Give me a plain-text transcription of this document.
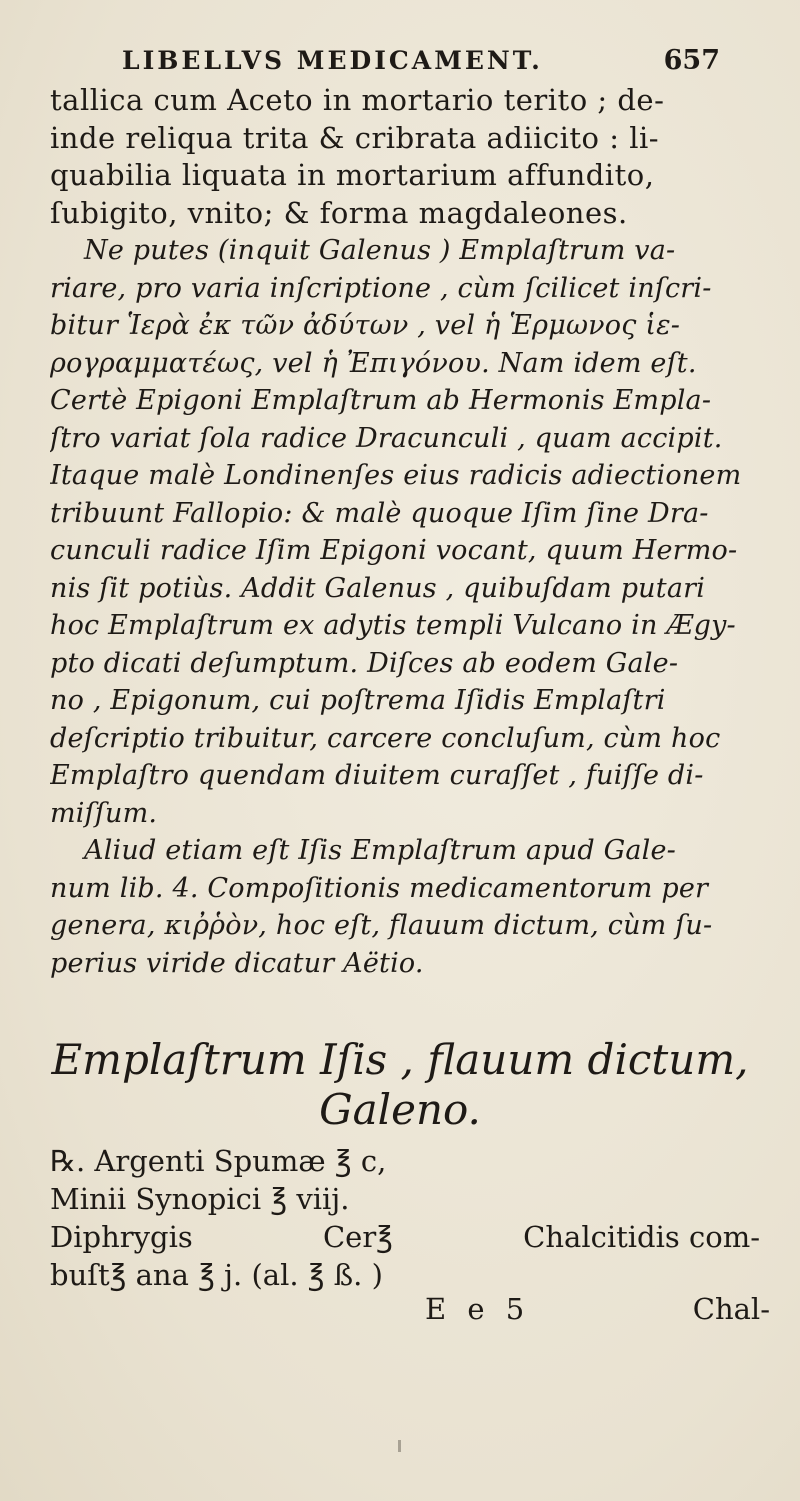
LIBELLVS MEDICAMENT.	657
tallica cum Aceto in mortario terito ; de-
inde reliqua trita & cribrata adiicito : li-
quabilia liquata in mortarium affundito,
ſubigito, vnito; & forma magdaleones.
Ne putes (inquit Galenus ) Emplaſtrum va-
riare, pro varia inſcriptione , cùm ſcilicet inſcri-
bitur Ἱερὰ ἐκ τῶν ἀδύτων , vel ἡ Ἑρμωνος ἱε-
ρογραμματέως, vel ἡ Ἐπιγόνου. Nam idem eſt.
Certè Epigoni Emplaſtrum ab Hermonis Empla-
ſtro variat ſola radice Dracunculi , quam accipit.
Itaque malè Londinenſes eius radicis adiectionem
tribuunt Fallopio: & malè quoque Iſim ſine Dra-
cunculi radice Iſim Epigoni vocant, quum Hermo-
nis ſit potiùs. Addit Galenus , quibuſdam putari
hoc Emplaſtrum ex adytis templi Vulcano in Ægy-
pto dicati deſumptum. Diſces ab eodem Gale-
no , Epigonum, cui poſtrema Iſidis Emplaſtri
deſcriptio tribuitur, carcere concluſum, cùm hoc
Emplaſtro quendam diuitem curaſſet , fuiſſe di-
miſſum.
Aliud etiam eſt Iſis Emplaſtrum apud Gale-
num lib. 4. Compoſitionis medicamentorum per
genera, κιῤῥὸν, hoc eſt, flauum dictum, cùm ſu-
perius viride dicatur Aëtio.
Emplaſtrum Iſis , flauum dictum,
Galeno.
℞. Argenti Spumæ ℥ c,
Minii Synopici ℥ viij.
Diphrygis	Cer℥	Chalcitidis com-
buſt℥ ana ℥ j. (al. ℥ ß. )
E e 5	Chal-
